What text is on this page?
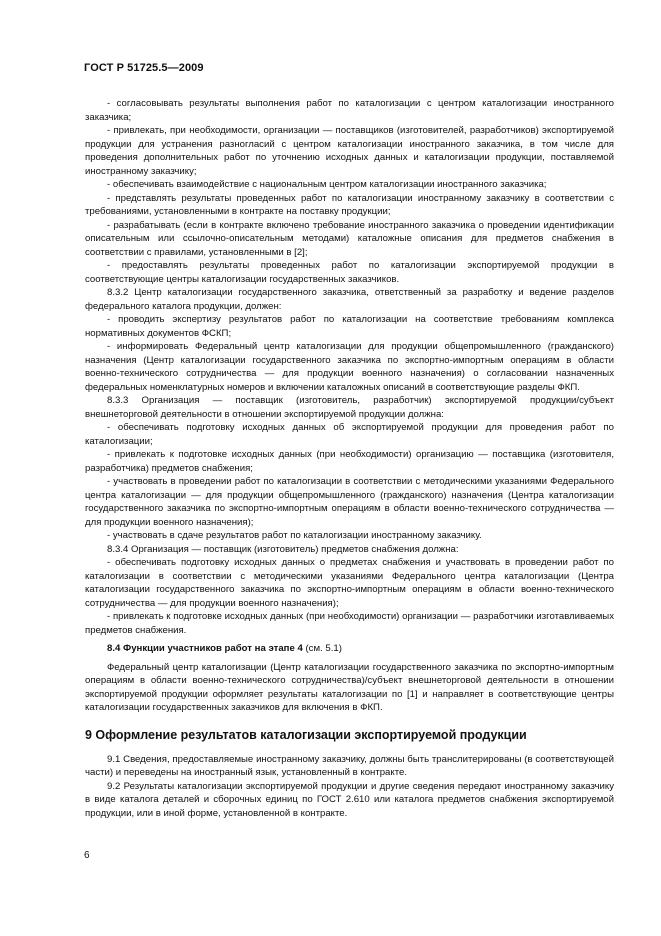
ГОСТ Р 51725.5—2009

- согласовывать результаты выполнения работ по каталогизации с центром каталогизации иностранного заказчика;

- привлекать, при необходимости, организации — поставщиков (изготовителей, разработчиков) экспортируемой продукции для устранения разногласий с центром каталогизации иностранного заказчика, в том числе для проведения дополнительных работ по уточнению исходных данных и каталогизации продукции, поставляемой иностранному заказчику;

- обеспечивать взаимодействие с национальным центром каталогизации иностранного заказчика;

- представлять результаты проведенных работ по каталогизации иностранному заказчику в соответствии с требованиями, установленными в контракте на поставку продукции;

- разрабатывать (если в контракте включено требование иностранного заказчика о проведении идентификации описательным или ссылочно-описательным методами) каталожные описания для предметов снабжения в соответствии с правилами, установленными в [2];

- предоставлять результаты проведенных работ по каталогизации экспортируемой продукции в соответствующие центры каталогизации государственных заказчиков.

8.3.2 Центр каталогизации государственного заказчика, ответственный за разработку и ведение разделов федерального каталога продукции, должен:

- проводить экспертизу результатов работ по каталогизации на соответствие требованиям комплекса нормативных документов ФСКП;

- информировать Федеральный центр каталогизации для продукции общепромышленного (гражданского) назначения (Центр каталогизации государственного заказчика по экспортно-импортным операциям в области военно-технического сотрудничества — для продукции военного назначения) о согласовании назначенных федеральных номенклатурных номеров и включении каталожных описаний в соответствующие разделы ФКП.

8.3.3 Организация — поставщик (изготовитель, разработчик) экспортируемой продукции/субъект внешнеторговой деятельности в отношении экспортируемой продукции должна:

- обеспечивать подготовку исходных данных об экспортируемой продукции для проведения работ по каталогизации;

- привлекать к подготовке исходных данных (при необходимости) организацию — поставщика (изготовителя, разработчика) предметов снабжения;

- участвовать в проведении работ по каталогизации в соответствии с методическими указаниями Федерального центра каталогизации — для продукции общепромышленного (гражданского) назначения (Центра каталогизации государственного заказчика по экспортно-импортным операциям в области военно-технического сотрудничества — для продукции военного назначения);

- участвовать в сдаче результатов работ по каталогизации иностранному заказчику.

8.3.4 Организация — поставщик (изготовитель) предметов снабжения должна:

- обеспечивать подготовку исходных данных о предметах снабжения и участвовать в проведении работ по каталогизации в соответствии с методическими указаниями Федерального центра каталогизации (Центра каталогизации государственного заказчика по экспортно-импортным операциям в области военно-технического сотрудничества — для продукции военного назначения);

- привлекать к подготовке исходных данных (при необходимости) организации — разработчики изготавливаемых предметов снабжения.

8.4 Функции участников работ на этапе 4 (см. 5.1)

Федеральный центр каталогизации (Центр каталогизации государственного заказчика по экспортно-импортным операциям в области военно-технического сотрудничества)/субъект внешнеторговой деятельности в отношении экспортируемой продукции оформляет результаты каталогизации по [1] и направляет в соответствующие центры каталогизации государственных заказчиков для включения в ФКП.

9 Оформление результатов каталогизации экспортируемой продукции

9.1 Сведения, предоставляемые иностранному заказчику, должны быть транслитерированы (в соответствующей части) и переведены на иностранный язык, установленный в контракте.

9.2 Результаты каталогизации экспортируемой продукции и другие сведения передают иностранному заказчику в виде каталога деталей и сборочных единиц по ГОСТ 2.610 или каталога предметов снабжения экспортируемой продукции, или в иной форме, установленной в контракте.

6
